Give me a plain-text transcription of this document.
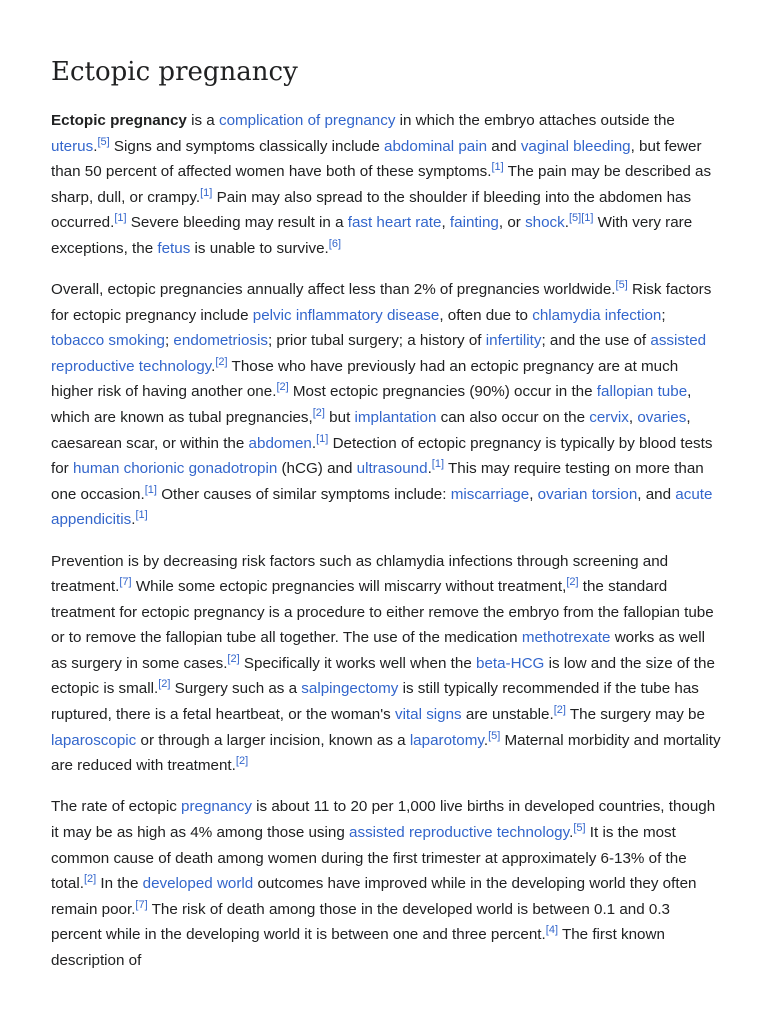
Ectopic pregnancy

Ectopic pregnancy is a complication of pregnancy in which the embryo attaches outside the uterus.[5] Signs and symptoms classically include abdominal pain and vaginal bleeding, but fewer than 50 percent of affected women have both of these symptoms.[1] The pain may be described as sharp, dull, or crampy.[1] Pain may also spread to the shoulder if bleeding into the abdomen has occurred.[1] Severe bleeding may result in a fast heart rate, fainting, or shock.[5][1] With very rare exceptions, the fetus is unable to survive.[6]

Overall, ectopic pregnancies annually affect less than 2% of pregnancies worldwide.[5] Risk factors for ectopic pregnancy include pelvic inflammatory disease, often due to chlamydia infection; tobacco smoking; endometriosis; prior tubal surgery; a history of infertility; and the use of assisted reproductive technology.[2] Those who have previously had an ectopic pregnancy are at much higher risk of having another one.[2] Most ectopic pregnancies (90%) occur in the fallopian tube, which are known as tubal pregnancies,[2] but implantation can also occur on the cervix, ovaries, caesarean scar, or within the abdomen.[1] Detection of ectopic pregnancy is typically by blood tests for human chorionic gonadotropin (hCG) and ultrasound.[1] This may require testing on more than one occasion.[1] Other causes of similar symptoms include: miscarriage, ovarian torsion, and acute appendicitis.[1]

Prevention is by decreasing risk factors such as chlamydia infections through screening and treatment.[7] While some ectopic pregnancies will miscarry without treatment,[2] the standard treatment for ectopic pregnancy is a procedure to either remove the embryo from the fallopian tube or to remove the fallopian tube all together. The use of the medication methotrexate works as well as surgery in some cases.[2] Specifically it works well when the beta-HCG is low and the size of the ectopic is small.[2] Surgery such as a salpingectomy is still typically recommended if the tube has ruptured, there is a fetal heartbeat, or the woman's vital signs are unstable.[2] The surgery may be laparoscopic or through a larger incision, known as a laparotomy.[5] Maternal morbidity and mortality are reduced with treatment.[2]

The rate of ectopic pregnancy is about 11 to 20 per 1,000 live births in developed countries, though it may be as high as 4% among those using assisted reproductive technology.[5] It is the most common cause of death among women during the first trimester at approximately 6-13% of the total.[2] In the developed world outcomes have improved while in the developing world they often remain poor.[7] The risk of death among those in the developed world is between 0.1 and 0.3 percent while in the developing world it is between one and three percent.[4] The first known description of
